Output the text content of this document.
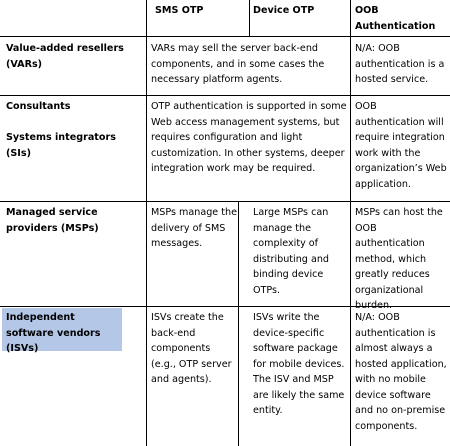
SMS OTP	Device OTP	OOB Authentication
Value-added resellers (VARs)
VARs may sell the server back-end components, and in some cases the necessary platform agents.
N/A: OOB authentication is a hosted service.
Consultants
Systems integrators (SIs)
OTP authentication is supported in some Web access management systems, but requires configuration and light customization. In other systems, deeper integration work may be required.
OOB authentication will require integration work with the organization’s Web application.
Managed service providers (MSPs)
MSPs manage the delivery of SMS messages.
Large MSPs can manage the complexity of distributing and binding device OTPs.
MSPs can host the OOB authentication method, which greatly reduces organizational burden.
Independent software vendors (ISVs)
ISVs create the back-end components (e.g., OTP server and agents).
ISVs write the device-specific software package for mobile devices. The ISV and MSP are likely the same entity.
N/A: OOB authentication is almost always a hosted application, with no mobile device software and no on-premise components.
